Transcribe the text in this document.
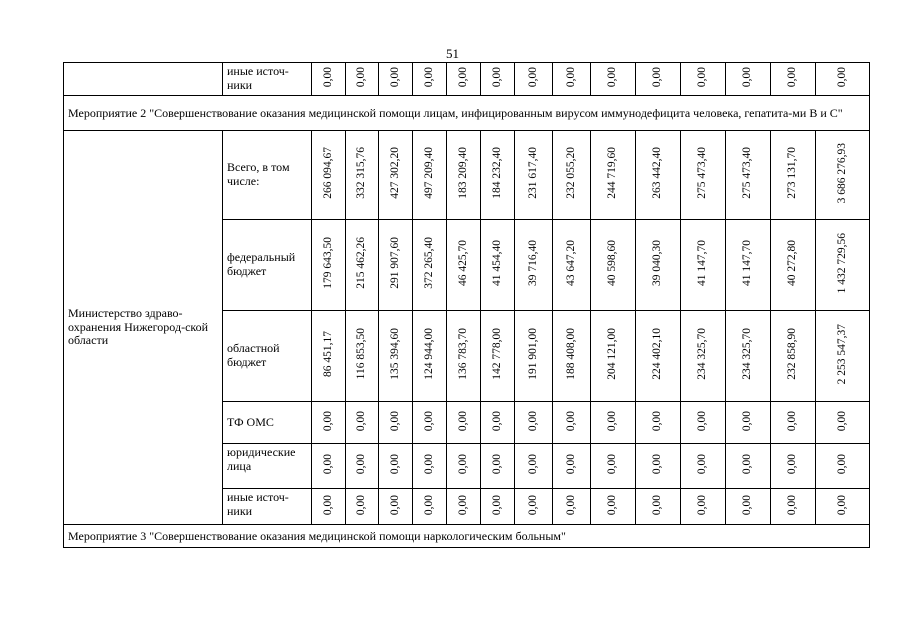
51
	иные источ-ники	0,00	0,00	0,00	0,00	0,00	0,00	0,00	0,00	0,00	0,00	0,00	0,00	0,00	0,00
Мероприятие 2 "Совершенствование оказания медицинской помощи лицам, инфицированным вирусом иммунодефицита человека, гепатита-ми В и С"															
Министерство здраво-охранения Нижегород-ской области	Всего, в том числе:	266 094,67	332 315,76	427 302,20	497 209,40	183 209,40	184 232,40	231 617,40	232 055,20	244 719,60	263 442,40	275 473,40	275 473,40	273 131,70	3 686 276,93
	федеральный бюджет	179 643,50	215 462,26	291 907,60	372 265,40	46 425,70	41 454,40	39 716,40	43 647,20	40 598,60	39 040,30	41 147,70	41 147,70	40 272,80	1 432 729,56
	областной бюджет	86 451,17	116 853,50	135 394,60	124 944,00	136 783,70	142 778,00	191 901,00	188 408,00	204 121,00	224 402,10	234 325,70	234 325,70	232 858,90	2 253 547,37
	ТФ ОМС	0,00	0,00	0,00	0,00	0,00	0,00	0,00	0,00	0,00	0,00	0,00	0,00	0,00	0,00
	юридические лица	0,00	0,00	0,00	0,00	0,00	0,00	0,00	0,00	0,00	0,00	0,00	0,00	0,00	0,00
	иные источ-ники	0,00	0,00	0,00	0,00	0,00	0,00	0,00	0,00	0,00	0,00	0,00	0,00	0,00	0,00
Мероприятие 3 "Совершенствование оказания медицинской помощи наркологическим больным"															
